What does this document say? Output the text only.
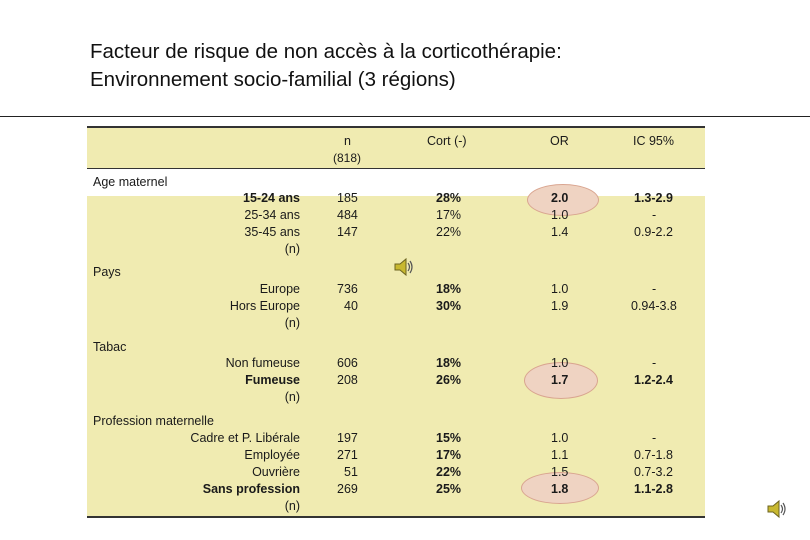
Facteur de risque de non accès à la corticothérapie:
Environnement socio-familial (3 régions)
n
(818)
Cort (-)	OR	IC 95%
Age maternel
15-24 ans
25-34 ans
35-45 ans
(n)
185
484
147
28%
17%
22%
2.0
1.0
1.4
1.3-2.9
-
0.9-2.2
Pays
Europe
Hors Europe
(n)
736
40
18%
30%
1.0
1.9
-
0.94-3.8
Tabac
Non fumeuse
Fumeuse
(n)
606
208
18%
26%
1.0
1.7
-
1.2-2.4
Profession maternelle
Cadre et P. Libérale
Employée
Ouvrière
Sans profession
(n)
197
271
51
269
15%
17%
22%
25%
1.0
1.1
1.5
1.8
-
0.7-1.8
0.7-3.2
1.1-2.8
